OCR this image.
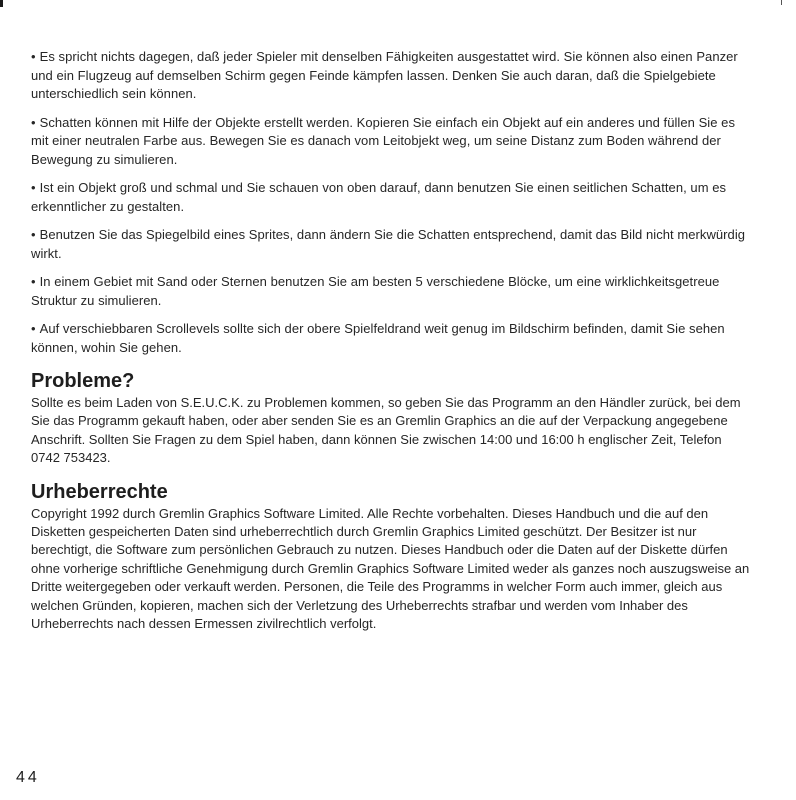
• Es spricht nichts dagegen, daß jeder Spieler mit denselben Fähigkeiten ausgestattet wird. Sie können also einen Panzer und ein Flugzeug auf demselben Schirm gegen Feinde kämpfen lassen. Denken Sie auch daran, daß die Spielgebiete unterschiedlich sein können.

• Schatten können mit Hilfe der Objekte erstellt werden. Kopieren Sie einfach ein Objekt auf ein anderes und füllen Sie es mit einer neutralen Farbe aus. Bewegen Sie es danach vom Leitobjekt weg, um seine Distanz zum Boden während der Bewegung zu simulieren.

• Ist ein Objekt groß und schmal und Sie schauen von oben darauf, dann benutzen Sie einen seitlichen Schatten, um es erkenntlicher zu gestalten.

• Benutzen Sie das Spiegelbild eines Sprites, dann ändern Sie die Schatten entsprechend, damit das Bild nicht merkwürdig wirkt.

• In einem Gebiet mit Sand oder Sternen benutzen Sie am besten 5 verschiedene Blöcke, um eine wirklichkeitsgetreue Struktur zu simulieren.

• Auf verschiebbaren Scrollevels sollte sich der obere Spielfeldrand weit genug im Bildschirm befinden, damit Sie sehen können, wohin Sie gehen.

Probleme?

Sollte es beim Laden von S.E.U.C.K. zu Problemen kommen, so geben Sie das Programm an den Händler zurück, bei dem Sie das Programm gekauft haben, oder aber senden Sie es an Gremlin Graphics an die auf der Verpackung angegebene Anschrift. Sollten Sie Fragen zu dem Spiel haben, dann können Sie zwischen 14:00 und 16:00 h englischer Zeit, Telefon 0742 753423.

Urheberrechte

Copyright 1992 durch Gremlin Graphics Software Limited. Alle Rechte vorbehalten. Dieses Handbuch und die auf den Disketten gespeicherten Daten sind urheberrechtlich durch Gremlin Graphics Limited geschützt. Der Besitzer ist nur berechtigt, die Software zum persönlichen Gebrauch zu nutzen. Dieses Handbuch oder die Daten auf der Diskette dürfen ohne vorherige schriftliche Genehmigung durch Gremlin Graphics Software Limited weder als ganzes noch auszugsweise an Dritte weitergegeben oder verkauft werden. Personen, die Teile des Programms in welcher Form auch immer, gleich aus welchen Gründen, kopieren, machen sich der Verletzung des Urheberrechts strafbar und werden vom Inhaber des Urheberrechts nach dessen Ermessen zivilrechtlich verfolgt.

44
